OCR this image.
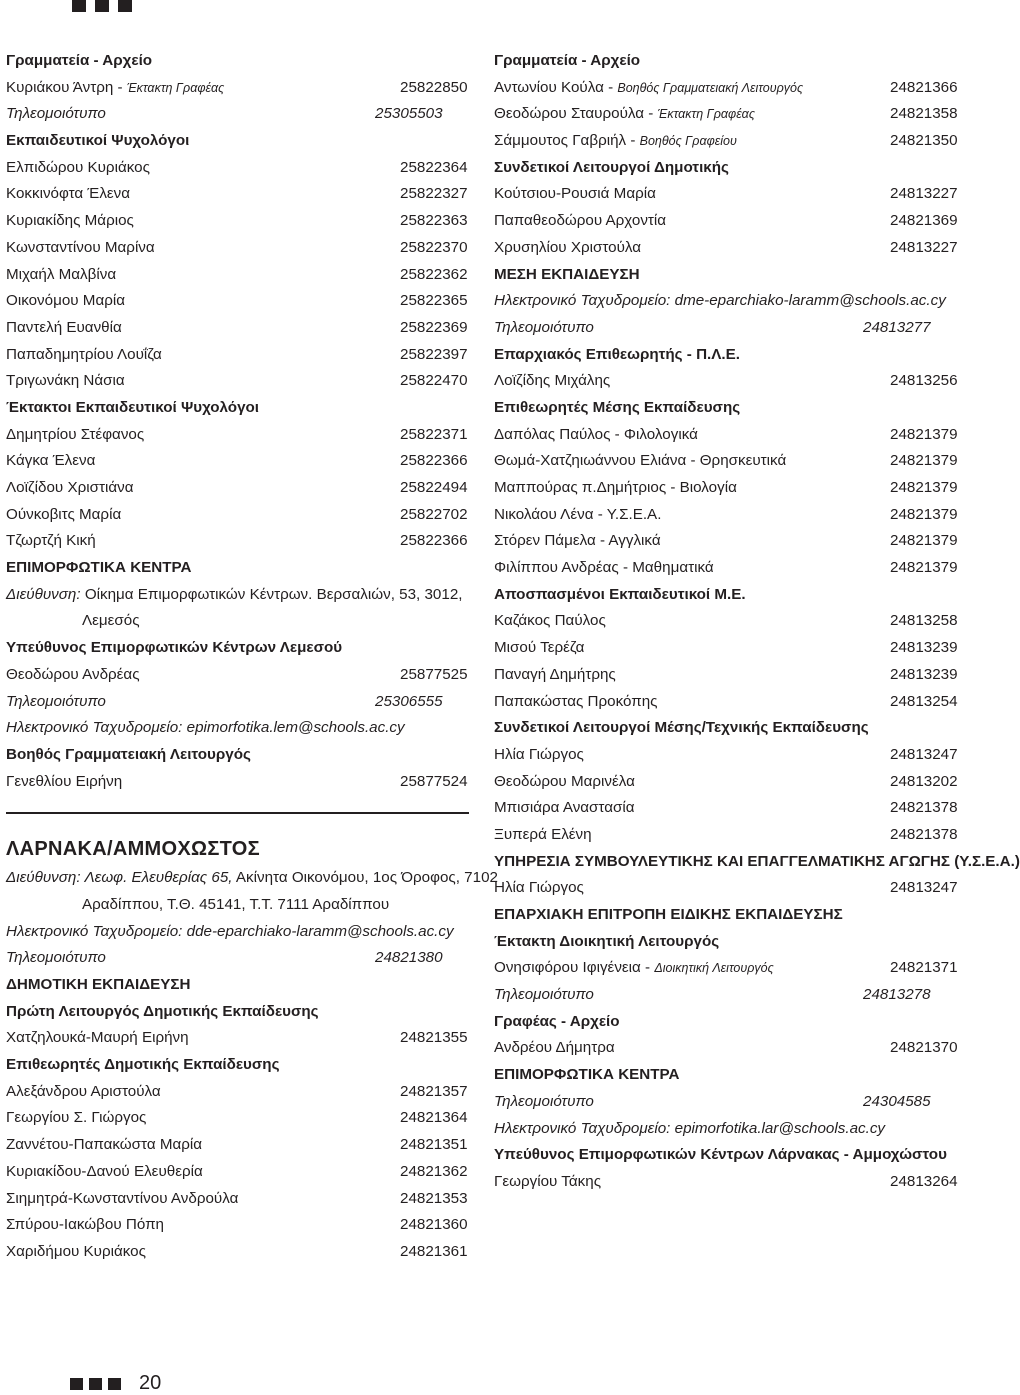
Γραμματεία - Αρχείο
Κυριάκου Άντρη - Έκτακτη Γραφέας	25822850
Τηλεομοιότυπο	25305503
Εκπαιδευτικοί Ψυχολόγοι
Ελπιδώρου Κυριάκος	25822364
Κοκκινόφτα Έλενα	25822327
Κυριακίδης Μάριος	25822363
Κωνσταντίνου Μαρίνα	25822370
Μιχαήλ Μαλβίνα	25822362
Οικονόμου Μαρία	25822365
Παντελή Ευανθία	25822369
Παπαδημητρίου Λουΐζα	25822397
Τριγωνάκη Νάσια	25822470
Έκτακτοι Εκπαιδευτικοί Ψυχολόγοι
Δημητρίου Στέφανος	25822371
Κάγκα Έλενα	25822366
Λοϊζίδου Χριστιάνα	25822494
Ούνκοβιτς Μαρία	25822702
Τζωρτζή Κική	25822366
ΕΠΙΜΟΡΦΩΤΙΚΑ ΚΕΝΤΡΑ
Διεύθυνση: Οίκημα Επιμορφωτικών Κέντρων. Βερσαλιών, 53, 3012,
Λεμεσός
Υπεύθυνος Επιμορφωτικών Κέντρων Λεμεσού
Θεοδώρου Ανδρέας	25877525
Τηλεομοιότυπο	25306555
Ηλεκτρονικό Ταχυδρομείο: epimorfotika.lem@schools.ac.cy
Βοηθός Γραμματειακή Λειτουργός
Γενεθλίου Ειρήνη	25877524
ΛΑΡΝΑΚΑ/ΑΜΜΟΧΩΣΤΟΣ
Διεύθυνση: Λεωφ. Ελευθερίας 65, Ακίνητα Οικονόμου, 1ος Όροφος, 7102
Αραδίππου, Τ.Θ. 45141, Τ.Τ. 7111 Αραδίππου
Ηλεκτρονικό Ταχυδρομείο: dde-eparchiako-laramm@schools.ac.cy
Τηλεομοιότυπο	24821380
ΔΗΜΟΤΙΚΗ ΕΚΠΑΙΔΕΥΣΗ
Πρώτη Λειτουργός Δημοτικής Εκπαίδευσης
Χατζηλουκά-Μαυρή Ειρήνη	24821355
Επιθεωρητές Δημοτικής Εκπαίδευσης
Αλεξάνδρου Αριστούλα	24821357
Γεωργίου Σ. Γιώργος	24821364
Ζαννέτου-Παπακώστα Μαρία	24821351
Κυριακίδου-Δανού Ελευθερία	24821362
Σιημητρά-Κωνσταντίνου Ανδρούλα	24821353
Σπύρου-Ιακώβου Πόπη	24821360
Χαριδήμου Κυριάκος	24821361
Γραμματεία - Αρχείο
Αντωνίου Κούλα - Βοηθός Γραμματειακή Λειτουργός	24821366
Θεοδώρου Σταυρούλα - Έκτακτη Γραφέας	24821358
Σάμμουτος Γαβριήλ - Βοηθός Γραφείου	24821350
Συνδετικοί Λειτουργοί Δημοτικής
Κούτσιου-Ρουσιά Μαρία	24813227
Παπαθεοδώρου Αρχοντία	24821369
Χρυσηλίου Χριστούλα	24813227
ΜΕΣΗ ΕΚΠΑΙΔΕΥΣΗ
Ηλεκτρονικό Ταχυδρομείο: dme-eparchiako-laramm@schools.ac.cy
Τηλεομοιότυπο	24813277
Επαρχιακός Επιθεωρητής - Π.Λ.Ε.
Λοϊζίδης Μιχάλης	24813256
Επιθεωρητές Μέσης Εκπαίδευσης
Δαπόλας Παύλος - Φιλολογικά	24821379
Θωμά-Χατζηιωάννου Ελιάνα - Θρησκευτικά	24821379
Μαππούρας π.Δημήτριος - Βιολογία	24821379
Νικολάου Λένα - Υ.Σ.Ε.Α.	24821379
Στόρεν Πάμελα - Αγγλικά	24821379
Φιλίππου Ανδρέας - Μαθηματικά	24821379
Αποσπασμένοι Εκπαιδευτικοί Μ.Ε.
Καζάκος Παύλος	24813258
Μισού Τερέζα	24813239
Παναγή Δημήτρης	24813239
Παπακώστας Προκόπης	24813254
Συνδετικοί Λειτουργοί Μέσης/Τεχνικής Εκπαίδευσης
Ηλία Γιώργος	24813247
Θεοδώρου Μαρινέλα	24813202
Μπισιάρα Αναστασία	24821378
Ξυπερά Ελένη	24821378
ΥΠΗΡΕΣΙΑ ΣΥΜΒΟΥΛΕΥΤΙΚΗΣ ΚΑΙ ΕΠΑΓΓΕΛΜΑΤΙΚΗΣ ΑΓΩΓΗΣ (Υ.Σ.Ε.Α.)
Ηλία Γιώργος	24813247
ΕΠΑΡΧΙΑΚΗ ΕΠΙΤΡΟΠΗ ΕΙΔΙΚΗΣ ΕΚΠΑΙΔΕΥΣΗΣ
Έκτακτη Διοικητική Λειτουργός
Ονησιφόρου Ιφιγένεια - Διοικητική Λειτουργός	24821371
Τηλεομοιότυπο	24813278
Γραφέας - Αρχείο
Ανδρέου Δήμητρα	24821370
ΕΠΙΜΟΡΦΩΤΙΚΑ ΚΕΝΤΡΑ
Τηλεομοιότυπο	24304585
Ηλεκτρονικό Ταχυδρομείο: epimorfotika.lar@schools.ac.cy
Υπεύθυνος Επιμορφωτικών Κέντρων Λάρνακας - Αμμοχώστου
Γεωργίου Τάκης	24813264
20
